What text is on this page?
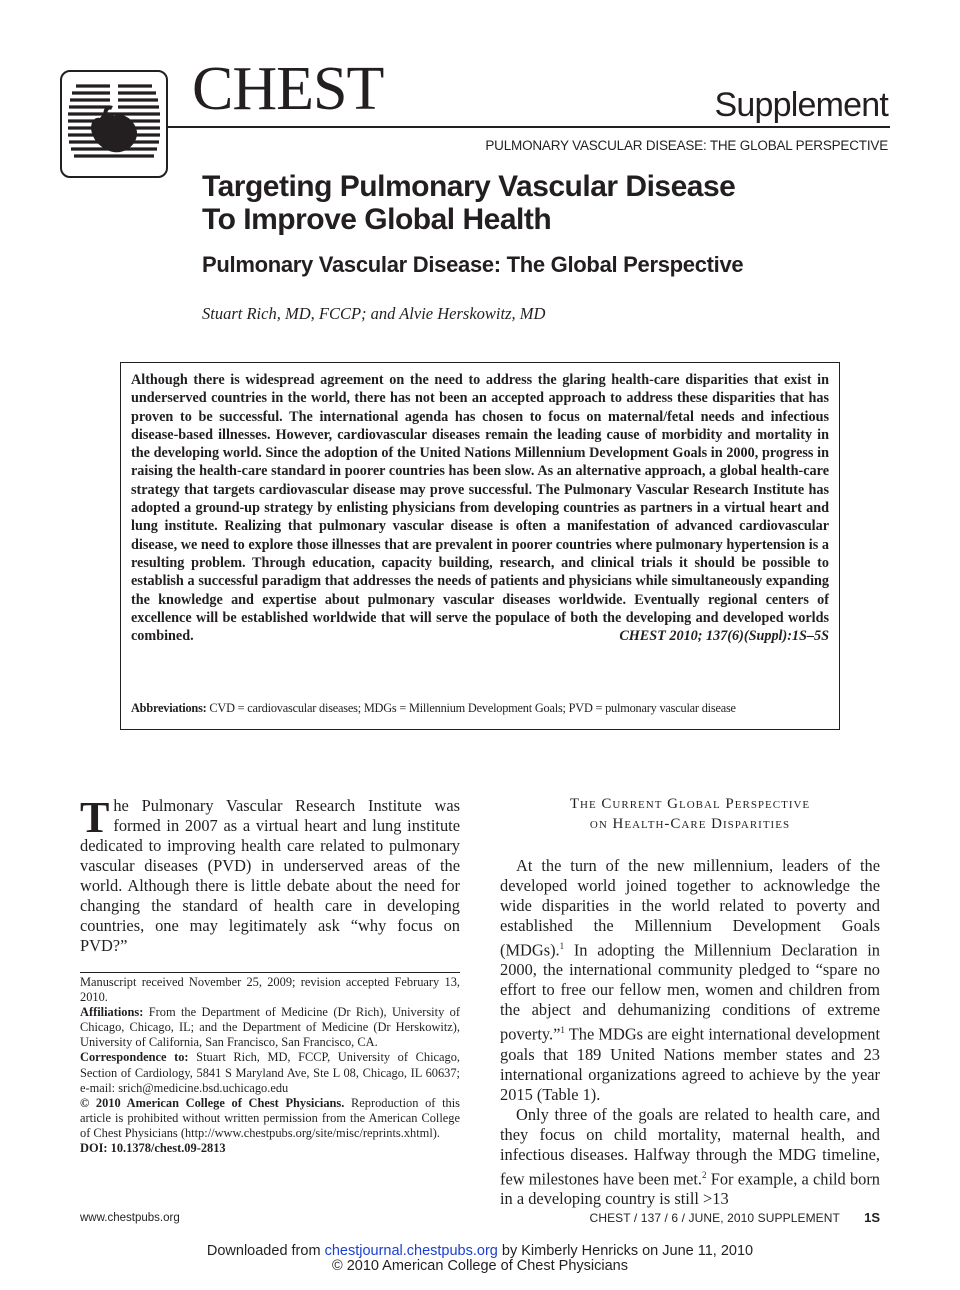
CHEST	Supplement
PULMONARY VASCULAR DISEASE: THE GLOBAL PERSPECTIVE
Targeting Pulmonary Vascular Disease
To Improve Global Health
Pulmonary Vascular Disease: The Global Perspective
Stuart Rich, MD, FCCP; and Alvie Herskowitz, MD
Although there is widespread agreement on the need to address the glaring health-care disparities that exist in underserved countries in the world, there has not been an accepted approach to address these disparities that has proven to be successful. The international agenda has chosen to focus on maternal/fetal needs and infectious disease-based illnesses. However, cardiovascular diseases remain the leading cause of morbidity and mortality in the developing world. Since the adoption of the United Nations Millennium Development Goals in 2000, progress in raising the health-care standard in poorer countries has been slow. As an alternative approach, a global health-care strategy that targets cardiovascular disease may prove successful. The Pulmonary Vascular Research Institute has adopted a ground-up strategy by enlisting physicians from developing countries as partners in a virtual heart and lung institute. Realizing that pulmonary vascular disease is often a manifestation of advanced cardiovascular disease, we need to explore those illnesses that are prevalent in poorer countries where pulmonary hypertension is a resulting problem. Through education, capacity building, research, and clinical trials it should be possible to establish a successful paradigm that addresses the needs of patients and physicians while simultaneously expanding the knowledge and expertise about pulmonary vascular diseases worldwide. Eventually regional centers of excellence will be established worldwide that will serve the populace of both the developing and developed worlds combined.	CHEST 2010; 137(6)(Suppl):1S–5S
Abbreviations: CVD = cardiovascular diseases; MDGs = Millennium Development Goals; PVD = pulmonary vascular disease

The Pulmonary Vascular Research Institute was formed in 2007 as a virtual heart and lung institute dedicated to improving health care related to pulmonary vascular diseases (PVD) in underserved areas of the world. Although there is little debate about the need for changing the standard of health care in developing countries, one may legitimately ask “why focus on PVD?”

Manuscript received November 25, 2009; revision accepted February 13, 2010.

Affiliations: From the Department of Medicine (Dr Rich), University of Chicago, Chicago, IL; and the Department of Medicine (Dr Herskowitz), University of California, San Francisco, San Francisco, CA.

Correspondence to: Stuart Rich, MD, FCCP, University of Chicago, Section of Cardiology, 5841 S Maryland Ave, Ste L 08, Chicago, IL 60637; e-mail: srich@medicine.bsd.uchicago.edu

© 2010 American College of Chest Physicians. Reproduction of this article is prohibited without written permission from the American College of Chest Physicians (http://www.chestpubs.org/site/misc/reprints.xhtml).

DOI: 10.1378/chest.09-2813

The Current Global Perspective
on Health-Care Disparities

At the turn of the new millennium, leaders of the developed world joined together to acknowledge the wide disparities in the world related to poverty and established the Millennium Development Goals (MDGs).$^1$ In adopting the Millennium Declaration in 2000, the international community pledged to “spare no effort to free our fellow men, women and children from the abject and dehumanizing conditions of extreme poverty.”$^1$ The MDGs are eight international development goals that 189 United Nations member states and 23 international organizations agreed to achieve by the year 2015 (Table 1).

Only three of the goals are related to health care, and they focus on child mortality, maternal health, and infectious diseases. Halfway through the MDG timeline, few milestones have been met.$^2$ For example, a child born in a developing country is still >13

www.chestpubs.org	CHEST / 137 / 6 / JUNE, 2010 SUPPLEMENT 1S
Downloaded from chestjournal.chestpubs.org by Kimberly Henricks on June 11, 2010
© 2010 American College of Chest Physicians
